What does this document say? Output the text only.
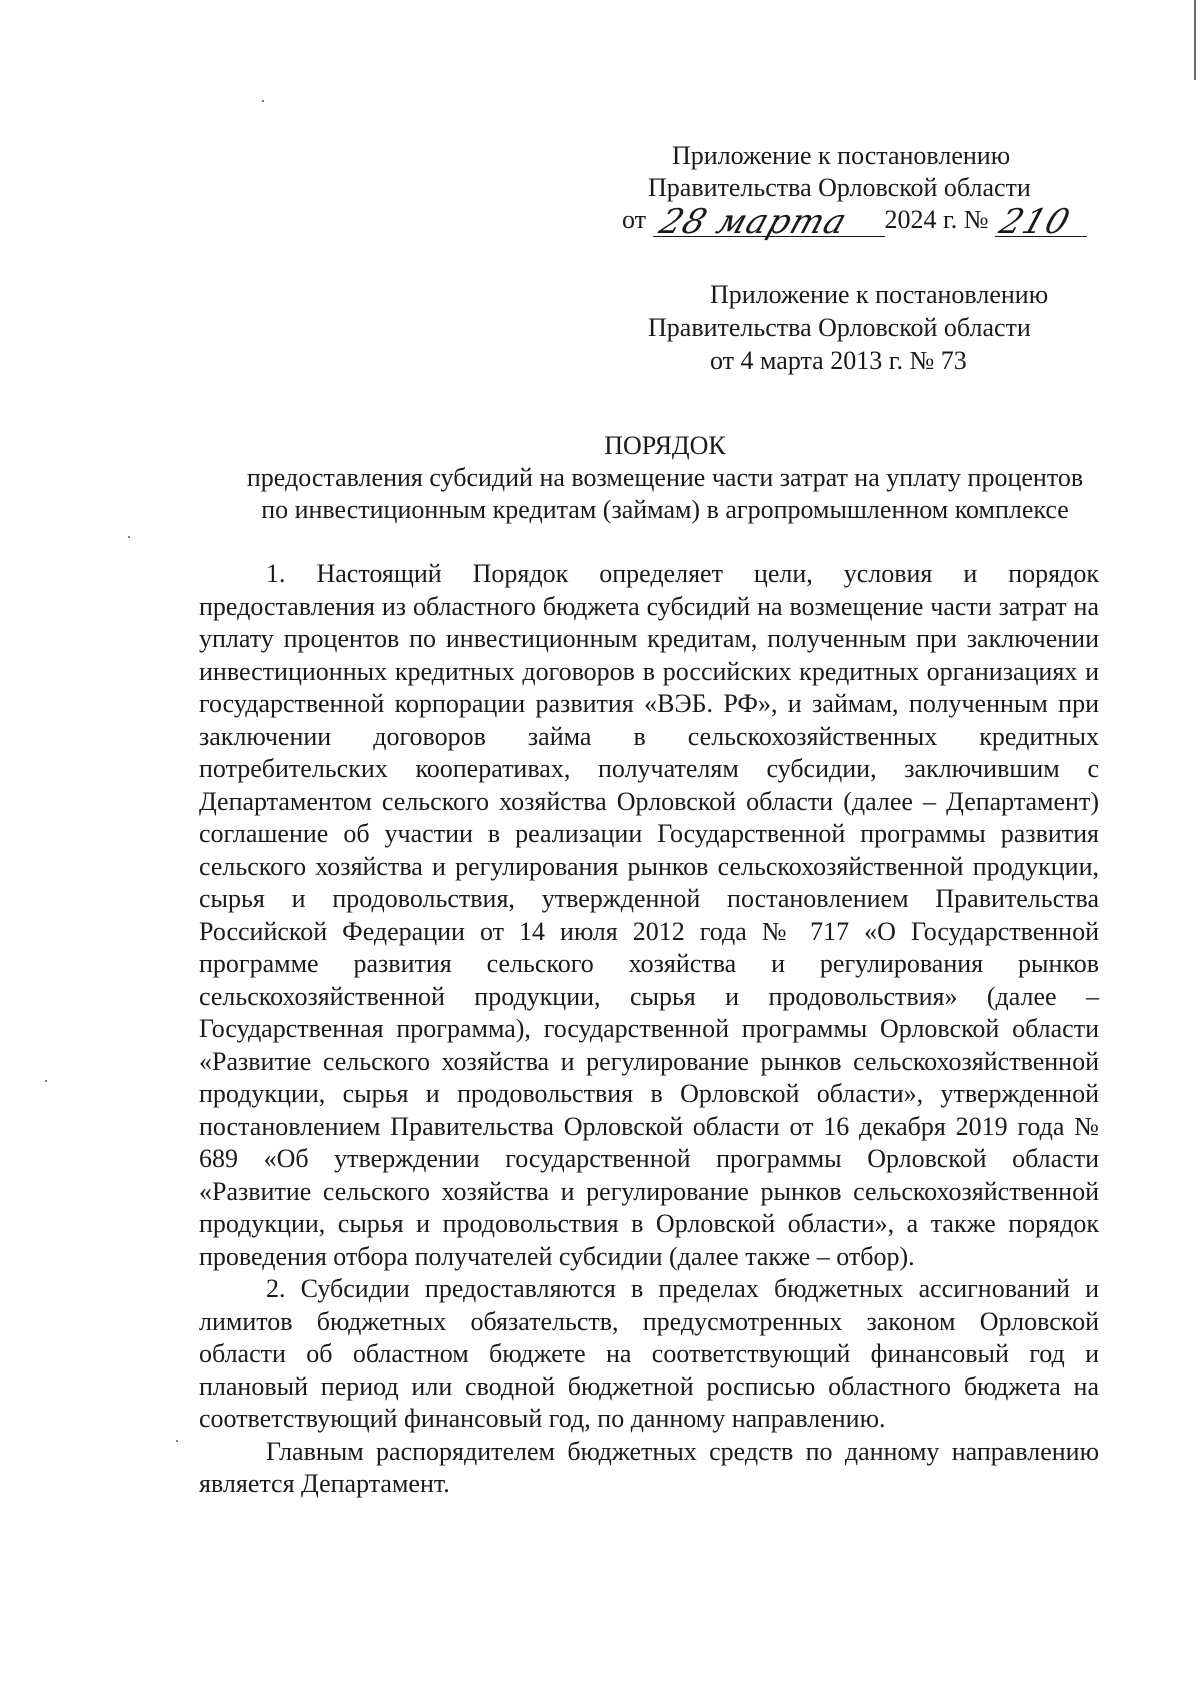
Приложение к постановлению
Правительства Орловской области
от 28 марта 2024 г. № 210
Приложение к постановлению
Правительства Орловской области
от 4 марта 2013 г. № 73
ПОРЯДОК
предоставления субсидий на возмещение части затрат на уплату процентов
по инвестиционным кредитам (займам) в агропромышленном комплексе

1. Настоящий Порядок определяет цели, условия и порядок предоставления из областного бюджета субсидий на возмещение части затрат на уплату процентов по инвестиционным кредитам, полученным при заключении инвестиционных кредитных договоров в российских кредитных организациях и государственной корпорации развития «ВЭБ. РФ», и займам, полученным при заключении договоров займа в сельскохозяйственных кредитных потребительских кооперативах, получателям субсидии, заключившим с Департаментом сельского хозяйства Орловской области (далее – Департамент) соглашение об участии в реализации Государственной программы развития сельского хозяйства и регулирования рынков сельскохозяйственной продукции, сырья и продовольствия, утвержденной постановлением Правительства Российской Федерации от 14 июля 2012 года № 717 «О Государственной программе развития сельского хозяйства и регулирования рынков сельскохозяйственной продукции, сырья и продовольствия» (далее – Государственная программа), государственной программы Орловской области «Развитие сельского хозяйства и регулирование рынков сельскохозяйственной продукции, сырья и продовольствия в Орловской области», утвержденной постановлением Правительства Орловской области от 16 декабря 2019 года № 689 «Об утверждении государственной программы Орловской области «Развитие сельского хозяйства и регулирование рынков сельскохозяйственной продукции, сырья и продовольствия в Орловской области», а также порядок проведения отбора получателей субсидии (далее также – отбор).

2. Субсидии предоставляются в пределах бюджетных ассигнований и лимитов бюджетных обязательств, предусмотренных законом Орловской области об областном бюджете на соответствующий финансовый год и плановый период или сводной бюджетной росписью областного бюджета на соответствующий финансовый год, по данному направлению.

Главным распорядителем бюджетных средств по данному направлению является Департамент.
